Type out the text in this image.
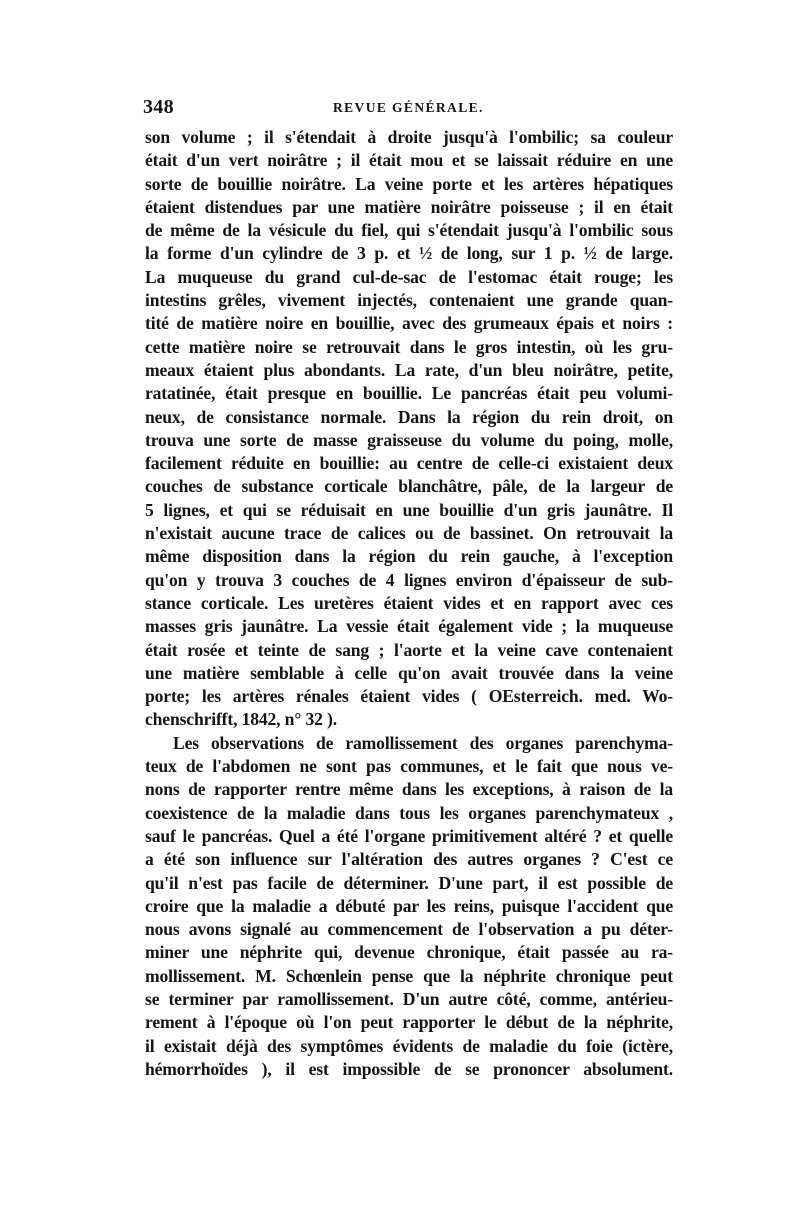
348	REVUE GÉNÉRALE.
son volume ; il s'étendait à droite jusqu'à l'ombilic; sa couleur
était d'un vert noirâtre ; il était mou et se laissait réduire en une
sorte de bouillie noirâtre. La veine porte et les artères hépatiques
étaient distendues par une matière noirâtre poisseuse ; il en était
de même de la vésicule du fiel, qui s'étendait jusqu'à l'ombilic sous
la forme d'un cylindre de 3 p. et ½ de long, sur 1 p. ½ de large.
La muqueuse du grand cul-de-sac de l'estomac était rouge; les
intestins grêles, vivement injectés, contenaient une grande quan-
tité de matière noire en bouillie, avec des grumeaux épais et noirs :
cette matière noire se retrouvait dans le gros intestin, où les gru-
meaux étaient plus abondants. La rate, d'un bleu noirâtre, petite,
ratatinée, était presque en bouillie. Le pancréas était peu volumi-
neux, de consistance normale. Dans la région du rein droit, on
trouva une sorte de masse graisseuse du volume du poing, molle,
facilement réduite en bouillie: au centre de celle-ci existaient deux
couches de substance corticale blanchâtre, pâle, de la largeur de
5 lignes, et qui se réduisait en une bouillie d'un gris jaunâtre. Il
n'existait aucune trace de calices ou de bassinet. On retrouvait la
même disposition dans la région du rein gauche, à l'exception
qu'on y trouva 3 couches de 4 lignes environ d'épaisseur de sub-
stance corticale. Les uretères étaient vides et en rapport avec ces
masses gris jaunâtre. La vessie était également vide ; la muqueuse
était rosée et teinte de sang ; l'aorte et la veine cave contenaient
une matière semblable à celle qu'on avait trouvée dans la veine
porte; les artères rénales étaient vides ( OEsterreich. med. Wo-
chenschrifft, 1842, n° 32 ).
Les observations de ramollissement des organes parenchyma-
teux de l'abdomen ne sont pas communes, et le fait que nous ve-
nons de rapporter rentre même dans les exceptions, à raison de la
coexistence de la maladie dans tous les organes parenchymateux ,
sauf le pancréas. Quel a été l'organe primitivement altéré ? et quelle
a été son influence sur l'altération des autres organes ? C'est ce
qu'il n'est pas facile de déterminer. D'une part, il est possible de
croire que la maladie a débuté par les reins, puisque l'accident que
nous avons signalé au commencement de l'observation a pu déter-
miner une néphrite qui, devenue chronique, était passée au ra-
mollissement. M. Schœnlein pense que la néphrite chronique peut
se terminer par ramollissement. D'un autre côté, comme, antérieu-
rement à l'époque où l'on peut rapporter le début de la néphrite,
il existait déjà des symptômes évidents de maladie du foie (ictère,
hémorrhoïdes ), il est impossible de se prononcer absolument.
